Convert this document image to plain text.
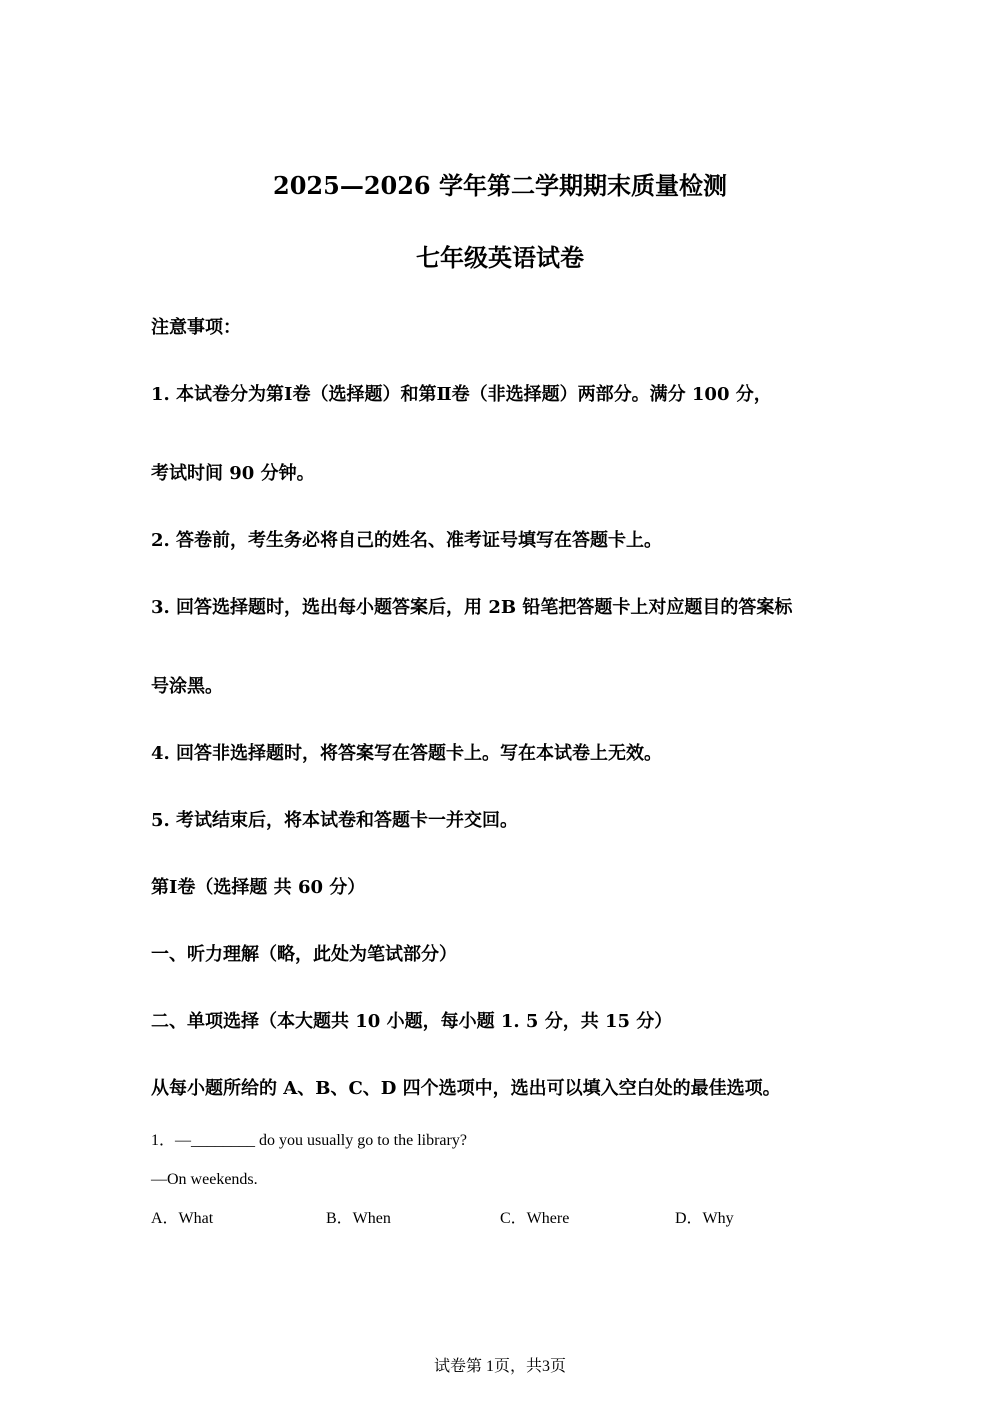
2025—2026 学年第二学期期末质量检测
七年级英语试卷

注意事项：

1. 本试卷分为第Ⅰ卷（选择题）和第Ⅱ卷（非选择题）两部分。满分 100 分，

考试时间 90 分钟。

2. 答卷前，考生务必将自己的姓名、准考证号填写在答题卡上。

3. 回答选择题时，选出每小题答案后，用 2B 铅笔把答题卡上对应题目的答案标

号涂黑。

4. 回答非选择题时，将答案写在答题卡上。写在本试卷上无效。

5. 考试结束后，将本试卷和答题卡一并交回。

第Ⅰ卷（选择题 共 60 分）

一、听力理解（略，此处为笔试部分）

二、单项选择（本大题共 10 小题，每小题 1. 5 分，共 15 分）

从每小题所给的 A、B、C、D 四个选项中，选出可以填入空白处的最佳选项。

1．—________ do you usually go to the library?

—On weekends.

A．What	B．When	C．Where	D．Why

试卷第 1页，共3页
